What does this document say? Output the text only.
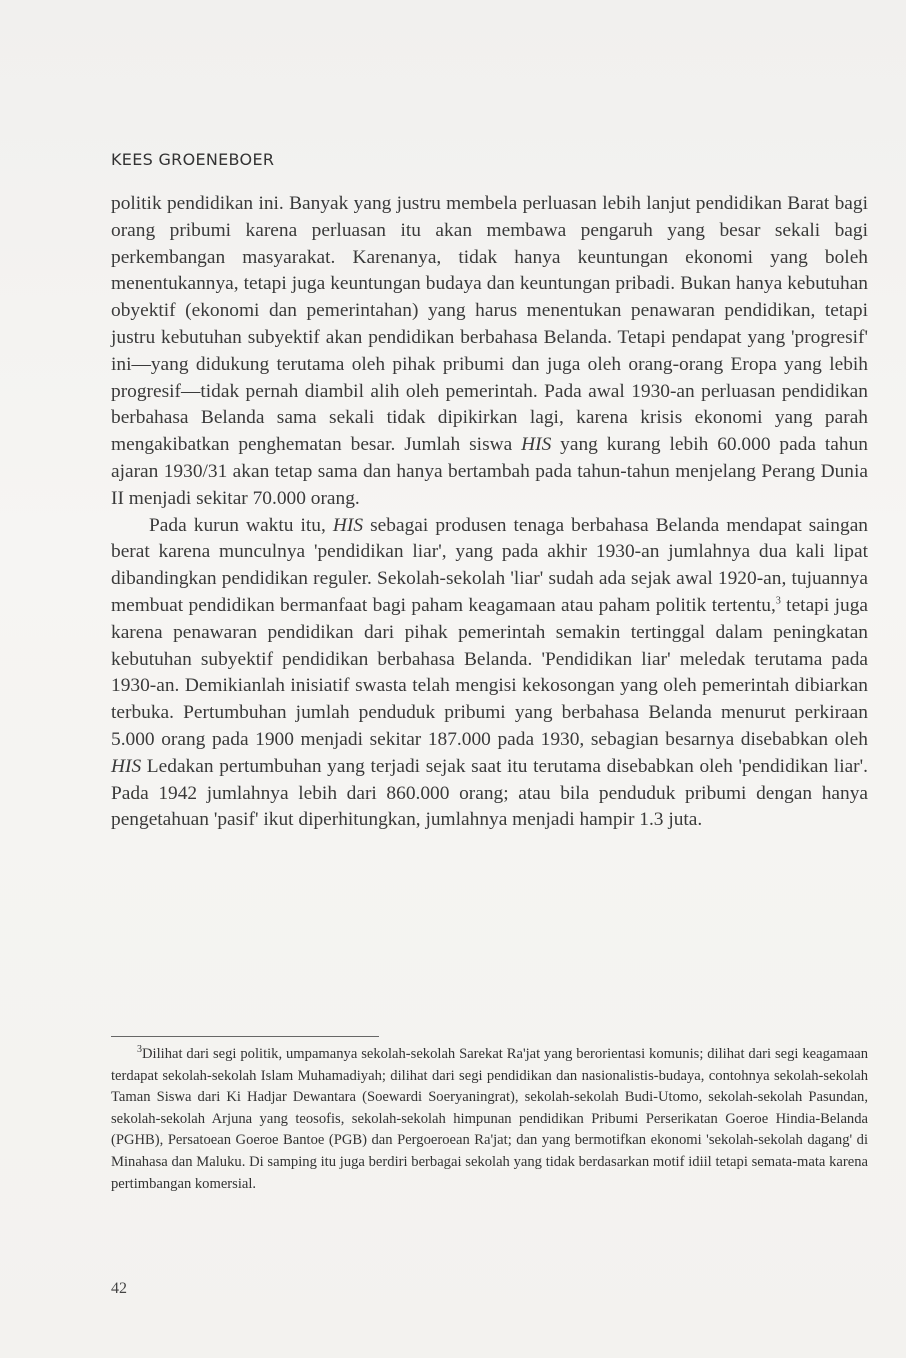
KEES GROENEBOER

politik pendidikan ini. Banyak yang justru membela perluasan lebih lanjut pendidikan Barat bagi orang pribumi karena perluasan itu akan membawa pengaruh yang besar sekali bagi perkembangan masyarakat. Karenanya, tidak hanya keuntungan ekonomi yang boleh menentukannya, tetapi juga keuntungan budaya dan keuntungan pribadi. Bukan hanya kebutuhan obyektif (ekonomi dan pemerintahan) yang harus menentukan penawaran pendidikan, tetapi justru kebutuhan subyektif akan pendidikan berbahasa Belanda. Tetapi pendapat yang 'progresif' ini—yang didukung terutama oleh pihak pribumi dan juga oleh orang-orang Eropa yang lebih progresif—tidak pernah diambil alih oleh pemerintah. Pada awal 1930-an perluasan pendidikan berbahasa Belanda sama sekali tidak dipikirkan lagi, karena krisis ekonomi yang parah mengakibatkan penghematan besar. Jumlah siswa HIS yang kurang lebih 60.000 pada tahun ajaran 1930/31 akan tetap sama dan hanya bertambah pada tahun-tahun menjelang Perang Dunia II menjadi sekitar 70.000 orang.

Pada kurun waktu itu, HIS sebagai produsen tenaga berbahasa Belanda mendapat saingan berat karena munculnya 'pendidikan liar', yang pada akhir 1930-an jumlahnya dua kali lipat dibandingkan pendidikan reguler. Sekolah-sekolah 'liar' sudah ada sejak awal 1920-an, tujuannya membuat pendidikan bermanfaat bagi paham keagamaan atau paham politik tertentu,$^3$ tetapi juga karena penawaran pendidikan dari pihak pemerintah semakin tertinggal dalam peningkatan kebutuhan subyektif pendidikan berbahasa Belanda. 'Pendidikan liar' meledak terutama pada 1930-an. Demikianlah inisiatif swasta telah mengisi kekosongan yang oleh pemerintah dibiarkan terbuka. Pertumbuhan jumlah penduduk pribumi yang berbahasa Belanda menurut perkiraan 5.000 orang pada 1900 menjadi sekitar 187.000 pada 1930, sebagian besarnya disebabkan oleh HIS Ledakan pertumbuhan yang terjadi sejak saat itu terutama disebabkan oleh 'pendidikan liar'. Pada 1942 jumlahnya lebih dari 860.000 orang; atau bila penduduk pribumi dengan hanya pengetahuan 'pasif' ikut diperhitungkan, jumlahnya menjadi hampir 1.3 juta.

$^3$Dilihat dari segi politik, umpamanya sekolah-sekolah Sarekat Ra'jat yang berorientasi komunis; dilihat dari segi keagamaan terdapat sekolah-sekolah Islam Muhamadiyah; dilihat dari segi pendidikan dan nasionalistis-budaya, contohnya sekolah-sekolah Taman Siswa dari Ki Hadjar Dewantara (Soewardi Soeryaningrat), sekolah-sekolah Budi-Utomo, sekolah-sekolah Pasundan, sekolah-sekolah Arjuna yang teosofis, sekolah-sekolah himpunan pendidikan Pribumi Perserikatan Goeroe Hindia-Belanda (PGHB), Persatoean Goeroe Bantoe (PGB) dan Pergoeroean Ra'jat; dan yang bermotifkan ekonomi 'sekolah-sekolah dagang' di Minahasa dan Maluku. Di samping itu juga berdiri berbagai sekolah yang tidak berdasarkan motif idiil tetapi semata-mata karena pertimbangan komersial.

42
